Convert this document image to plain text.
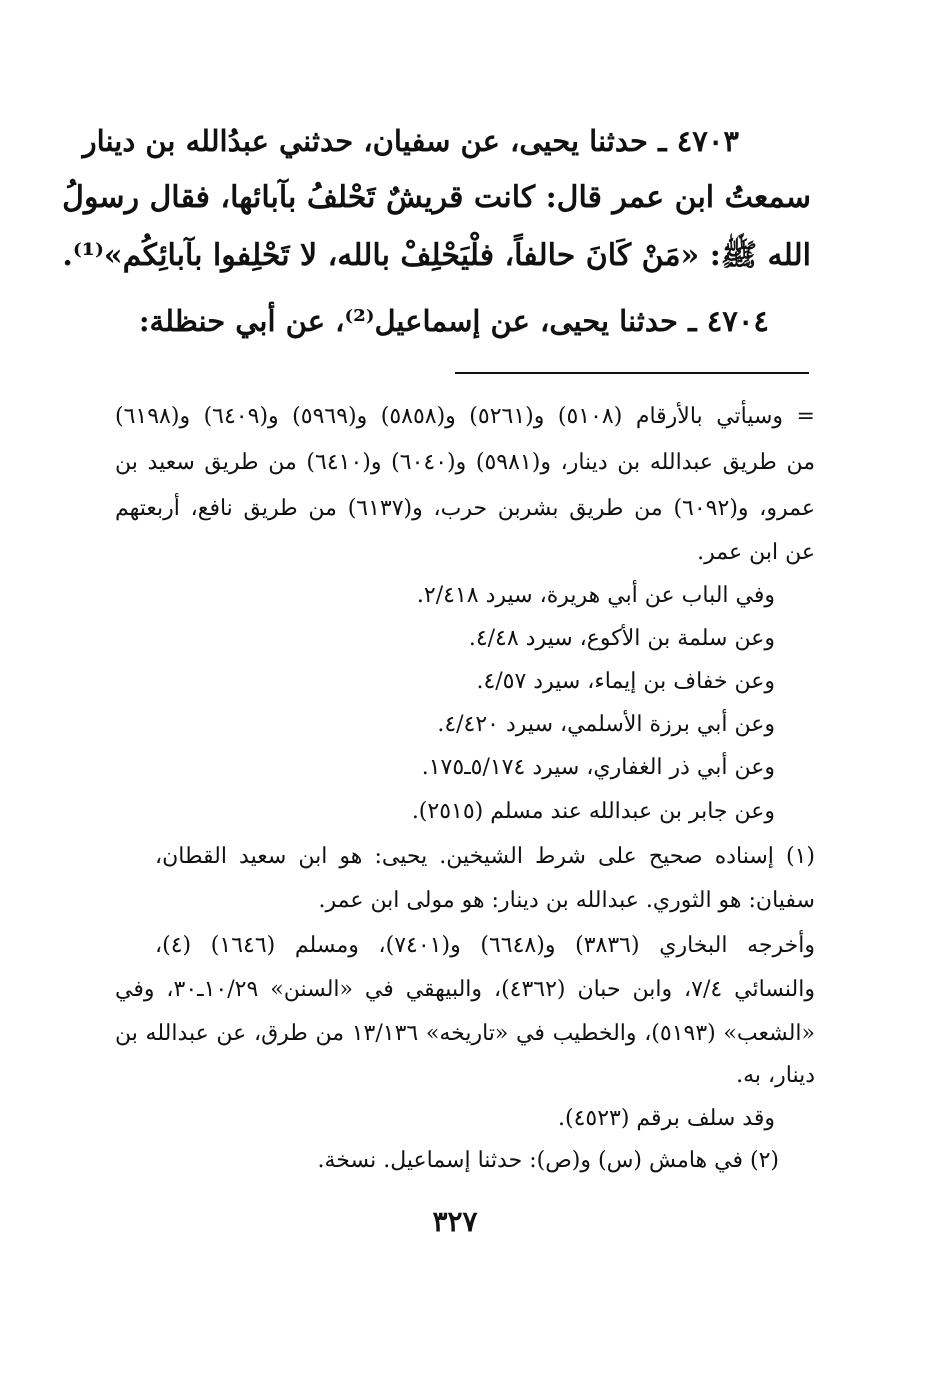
٤٧٠٣ ـ حدثنا يحيى، عن سفيان، حدثني عبدُالله بن دينار
سمعتُ ابن عمر قال: كانت قريشٌ تَحْلفُ بآبائها، فقال رسولُ
الله ﷺ: «مَنْ كَانَ حالفاً، فلْيَحْلِفْ بالله، لا تَحْلِفوا بآبائِكُم»⁽¹⁾.
٤٧٠٤ ـ حدثنا يحيى، عن إسماعيل⁽²⁾، عن أبي حنظلة:
= وسيأتي بالأرقام (٥١٠٨) و(٥٢٦١) و(٥٨٥٨) و(٥٩٦٩) و(٦٤٠٩) و(٦١٩٨)
من طريق عبدالله بن دينار، و(٥٩٨١) و(٦٠٤٠) و(٦٤١٠) من طريق سعيد بن
عمرو، و(٦٠٩٢) من طريق بشربن حرب، و(٦١٣٧) من طريق نافع، أربعتهم
عن ابن عمر.
وفي الباب عن أبي هريرة، سيرد ٢/٤١٨.
وعن سلمة بن الأكوع، سيرد ٤/٤٨.
وعن خفاف بن إيماء، سيرد ٤/٥٧.
وعن أبي برزة الأسلمي، سيرد ٤/٤٢٠.
وعن أبي ذر الغفاري، سيرد ٥/١٧٤ـ١٧٥.
وعن جابر بن عبدالله عند مسلم (٢٥١٥).
(١) إسناده صحيح على شرط الشيخين. يحيى: هو ابن سعيد القطان،
سفيان: هو الثوري. عبدالله بن دينار: هو مولى ابن عمر.
وأخرجه البخاري (٣٨٣٦) و(٦٦٤٨) و(٧٤٠١)، ومسلم (١٦٤٦) (٤)،
والنسائي ٧/٤، وابن حبان (٤٣٦٢)، والبيهقي في «السنن» ١٠/٢٩ـ٣٠، وفي
«الشعب» (٥١٩٣)، والخطيب في «تاريخه» ١٣/١٣٦ من طرق، عن عبدالله بن
دينار، به.
وقد سلف برقم (٤٥٢٣).
(٢) في هامش (س) و(ص): حدثنا إسماعيل. نسخة.
٣٢٧
